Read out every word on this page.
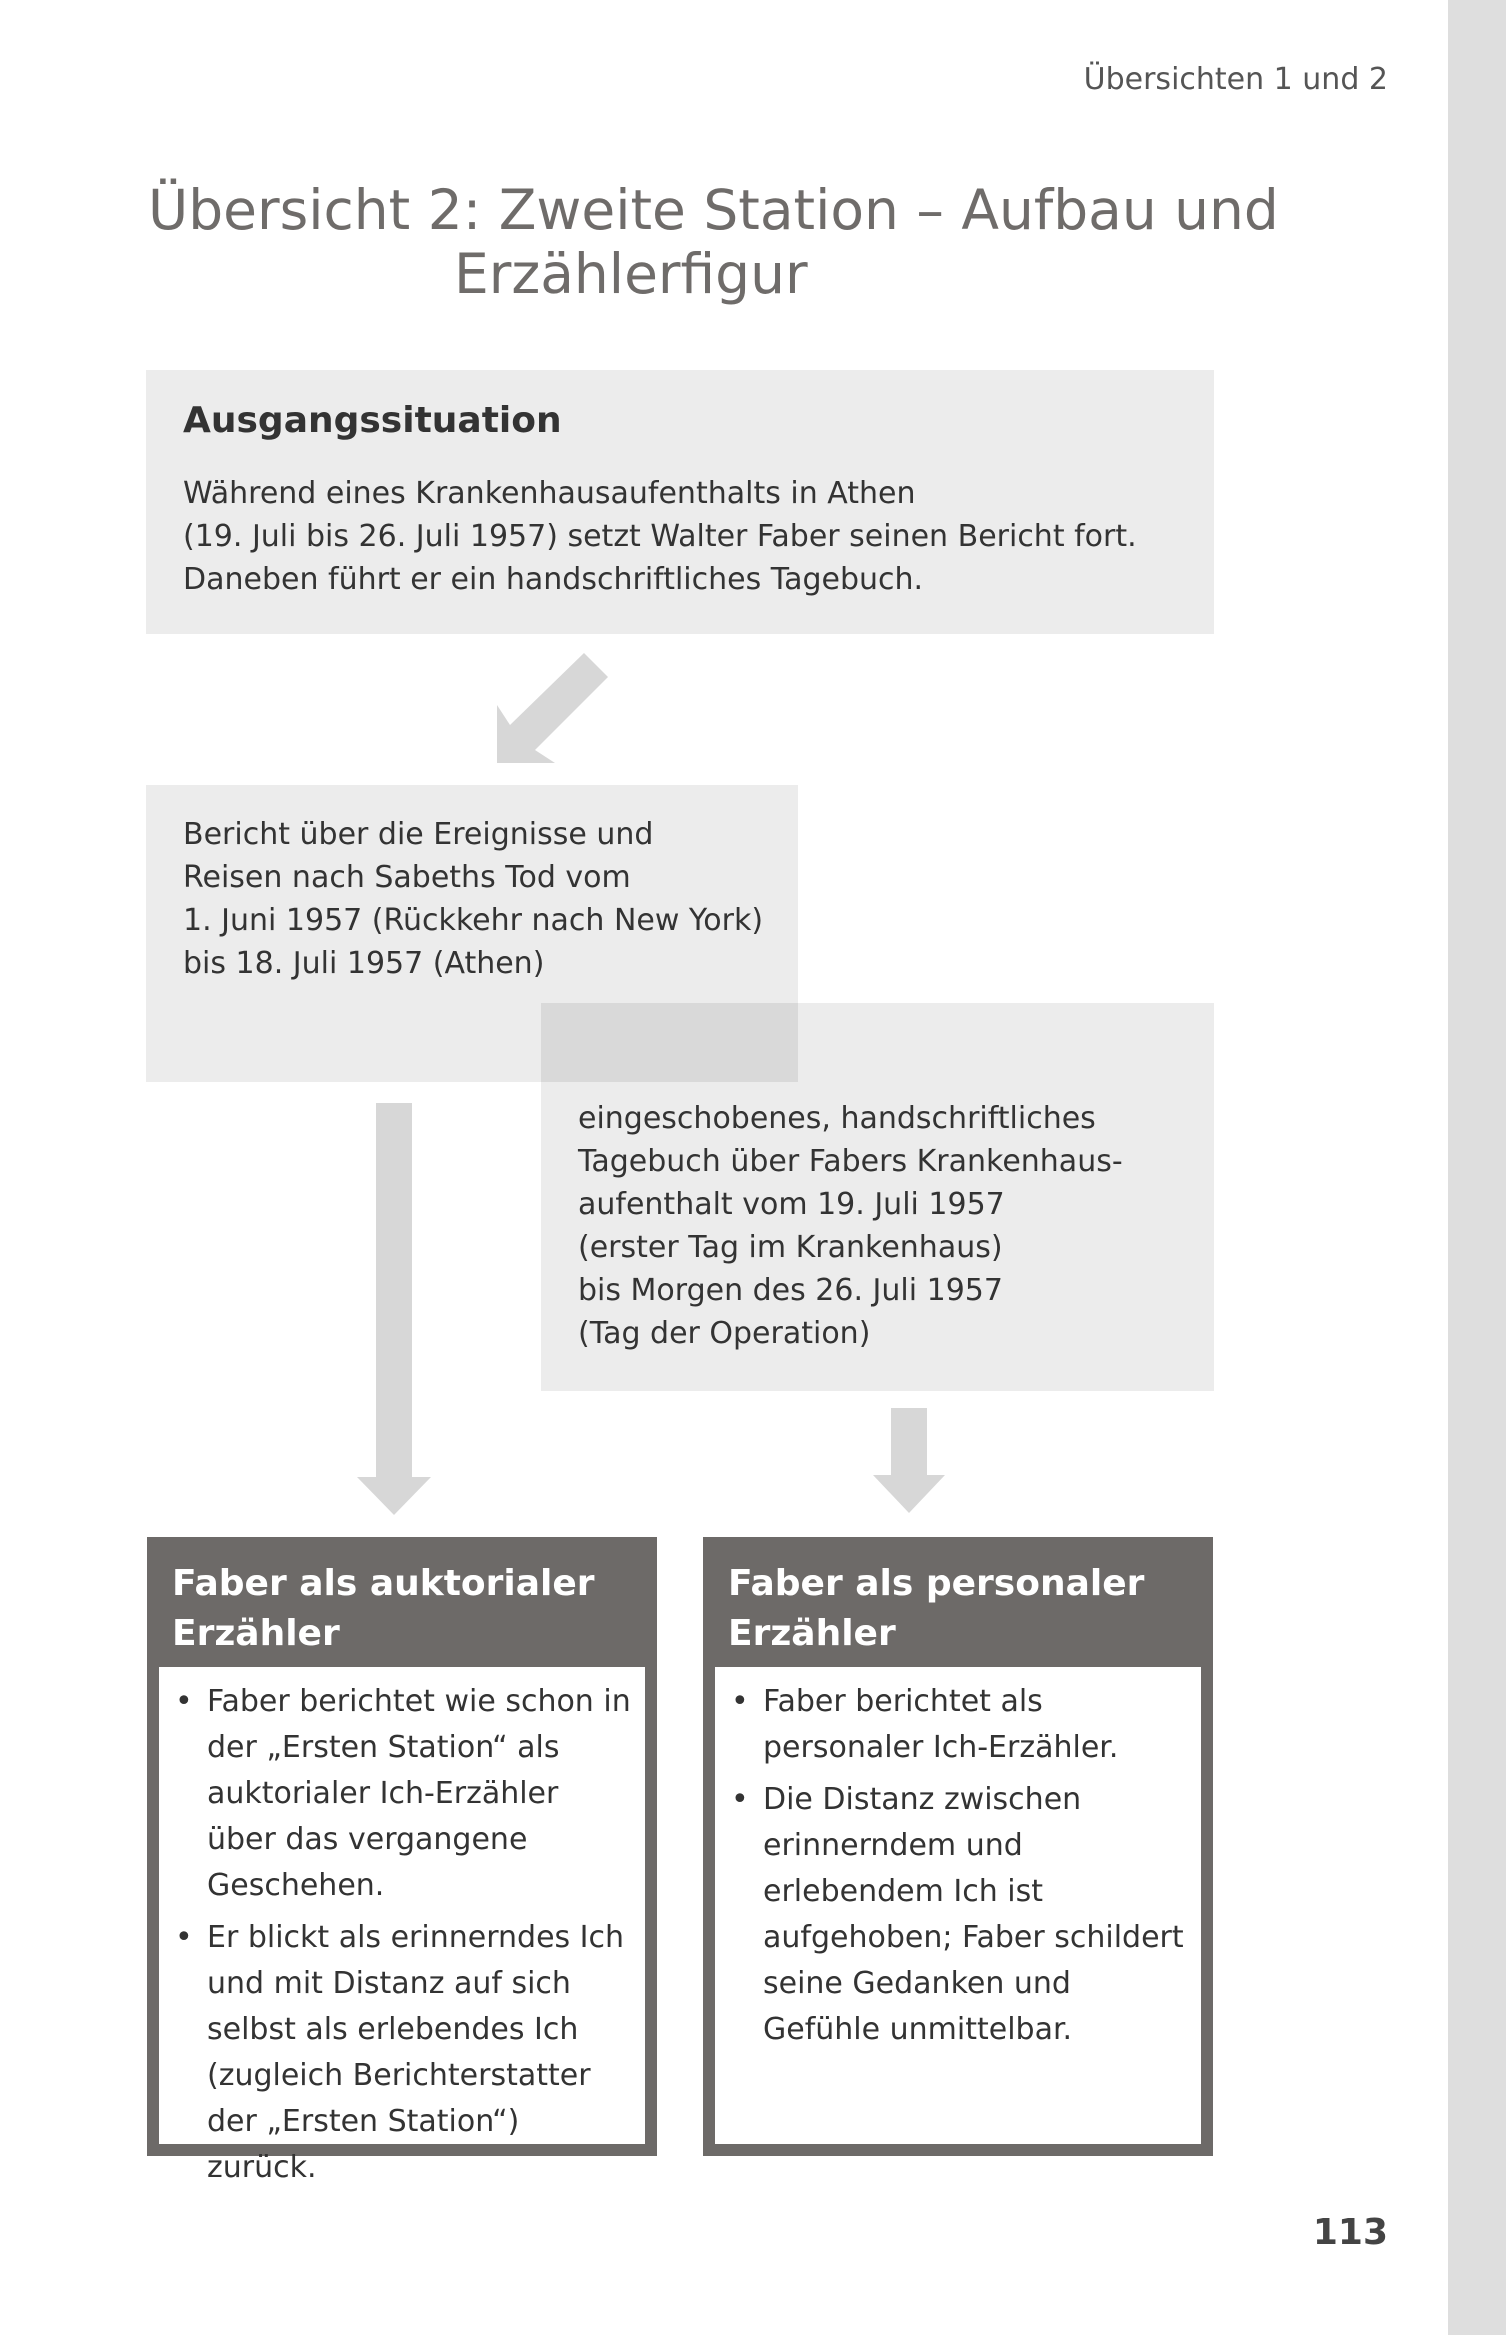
Übersichten 1 und 2
Übersicht 2: Zweite Station – Aufbau und
Erzählerfigur
Ausgangssituation
Während eines Krankenhausaufenthalts in Athen
(19. Juli bis 26. Juli 1957) setzt Walter Faber seinen Bericht fort.
Daneben führt er ein handschriftliches Tagebuch.
Bericht über die Ereignisse und
Reisen nach Sabeths Tod vom
1. Juni 1957 (Rückkehr nach New York)
bis 18. Juli 1957 (Athen)
eingeschobenes, handschriftliches
Tagebuch über Fabers Krankenhaus-
aufenthalt vom 19. Juli 1957
(erster Tag im Krankenhaus)
bis Morgen des 26. Juli 1957
(Tag der Operation)
Faber als auktorialer
Erzähler
• Faber berichtet wie schon in der „Ersten Station“ als auktorialer Ich-Erzähler über das vergangene Geschehen.
• Er blickt als erinnerndes Ich und mit Distanz auf sich selbst als erlebendes Ich (zugleich Berichterstatter der „Ersten Station“) zurück.
Faber als personaler
Erzähler
• Faber berichtet als personaler Ich-Erzähler.
• Die Distanz zwischen erinnerndem und erlebendem Ich ist aufgehoben; Faber schildert seine Gedanken und Gefühle unmittelbar.
113
